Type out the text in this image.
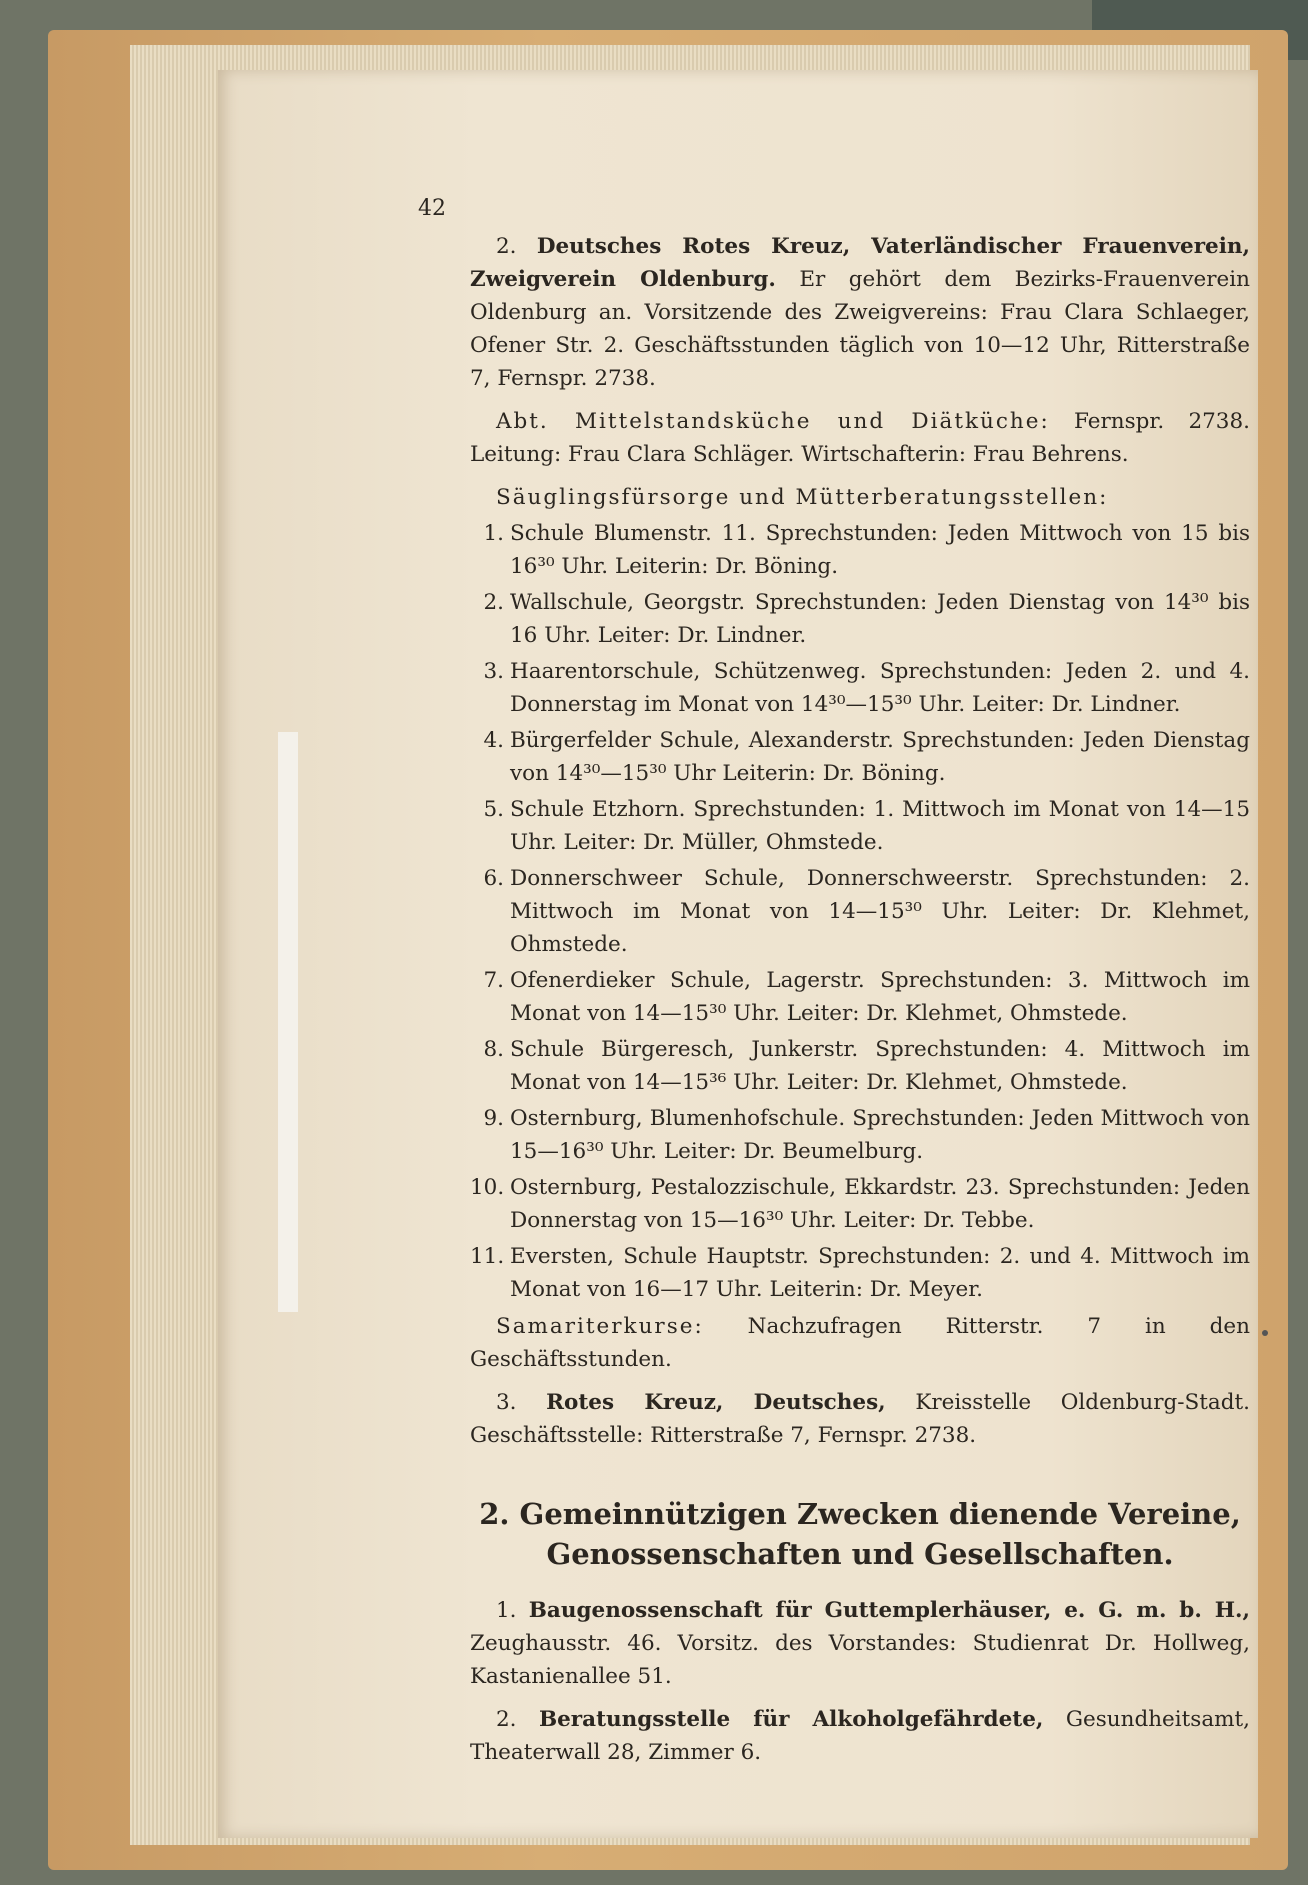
42

2. Deutsches Rotes Kreuz, Vaterländischer Frauenverein, Zweigverein Oldenburg. Er gehört dem Bezirks-Frauenverein Oldenburg an. Vorsitzende des Zweigvereins: Frau Clara Schlaeger, Ofener Str. 2. Geschäftsstunden täglich von 10—12 Uhr, Ritterstraße 7, Fernspr. 2738.

Abt. Mittelstandsküche und Diätküche: Fernspr. 2738. Leitung: Frau Clara Schläger. Wirtschafterin: Frau Behrens.

Säuglingsfürsorge und Mütterberatungsstellen:

1. Schule Blumenstr. 11. Sprechstunden: Jeden Mittwoch von 15 bis 16³⁰ Uhr. Leiterin: Dr. Böning.
2. Wallschule, Georgstr. Sprechstunden: Jeden Dienstag von 14³⁰ bis 16 Uhr. Leiter: Dr. Lindner.
3. Haarentorschule, Schützenweg. Sprechstunden: Jeden 2. und 4. Donnerstag im Monat von 14³⁰—15³⁰ Uhr. Leiter: Dr. Lindner.
4. Bürgerfelder Schule, Alexanderstr. Sprechstunden: Jeden Dienstag von 14³⁰—15³⁰ Uhr Leiterin: Dr. Böning.
5. Schule Etzhorn. Sprechstunden: 1. Mittwoch im Monat von 14—15 Uhr. Leiter: Dr. Müller, Ohmstede.
6. Donnerschweer Schule, Donnerschweerstr. Sprechstunden: 2. Mittwoch im Monat von 14—15³⁰ Uhr. Leiter: Dr. Klehmet, Ohmstede.
7. Ofenerdieker Schule, Lagerstr. Sprechstunden: 3. Mittwoch im Monat von 14—15³⁰ Uhr. Leiter: Dr. Klehmet, Ohmstede.
8. Schule Bürgeresch, Junkerstr. Sprechstunden: 4. Mittwoch im Monat von 14—15³⁶ Uhr. Leiter: Dr. Klehmet, Ohmstede.
9. Osternburg, Blumenhofschule. Sprechstunden: Jeden Mittwoch von 15—16³⁰ Uhr. Leiter: Dr. Beumelburg.
10. Osternburg, Pestalozzischule, Ekkardstr. 23. Sprechstunden: Jeden Donnerstag von 15—16³⁰ Uhr. Leiter: Dr. Tebbe.
11. Eversten, Schule Hauptstr. Sprechstunden: 2. und 4. Mittwoch im Monat von 16—17 Uhr. Leiterin: Dr. Meyer.

Samariterkurse: Nachzufragen Ritterstr. 7 in den Geschäftsstunden.

3. Rotes Kreuz, Deutsches, Kreisstelle Oldenburg-Stadt. Geschäftsstelle: Ritterstraße 7, Fernspr. 2738.

2. Gemeinnützigen Zwecken dienende Vereine, Genossenschaften und Gesellschaften.

1. Baugenossenschaft für Guttemplerhäuser, e. G. m. b. H., Zeughausstr. 46. Vorsitz. des Vorstandes: Studienrat Dr. Hollweg, Kastanienallee 51.

2. Beratungsstelle für Alkoholgefährdete, Gesundheitsamt, Theaterwall 28, Zimmer 6.
